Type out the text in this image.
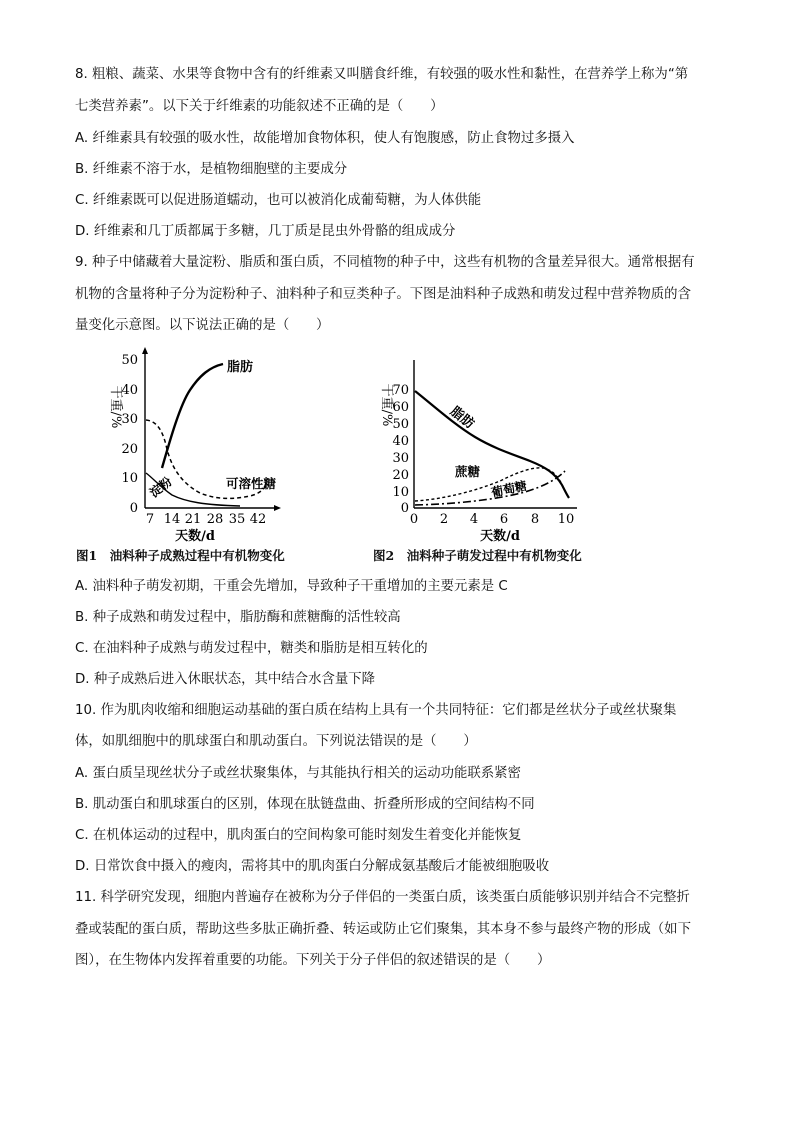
8. 粗粮、蔬菜、水果等食物中含有的纤维素又叫膳食纤维，有较强的吸水性和黏性，在营养学上称为“第
七类营养素”。以下关于纤维素的功能叙述不正确的是（　　）
A. 纤维素具有较强的吸水性，故能增加食物体积，使人有饱腹感，防止食物过多摄入
B. 纤维素不溶于水，是植物细胞壁的主要成分
C. 纤维素既可以促进肠道蠕动，也可以被消化成葡萄糖，为人体供能
D. 纤维素和几丁质都属于多糖，几丁质是昆虫外骨骼的组成成分
9. 种子中储藏着大量淀粉、脂质和蛋白质，不同植物的种子中，这些有机物的含量差异很大。通常根据有
机物的含量将种子分为淀粉种子、油料种子和豆类种子。下图是油料种子成熟和萌发过程中营养物质的含
量变化示意图。以下说法正确的是（　　）
干重/%
0
10
20
30
40
50
7 14 21 28 35 42
天数/d
脂肪
可溶性糖
淀粉
干重/%
0
10
20
30
40
50
60
70
0 2 4 6 8 10
天数/d
脂肪
蔗糖
葡萄糖
图1　油料种子成熟过程中有机物变化	图2　油料种子萌发过程中有机物变化
A. 油料种子萌发初期，干重会先增加，导致种子干重增加的主要元素是 C
B. 种子成熟和萌发过程中，脂肪酶和蔗糖酶的活性较高
C. 在油料种子成熟与萌发过程中，糖类和脂肪是相互转化的
D. 种子成熟后进入休眠状态，其中结合水含量下降
10. 作为肌肉收缩和细胞运动基础的蛋白质在结构上具有一个共同特征：它们都是丝状分子或丝状聚集
体，如肌细胞中的肌球蛋白和肌动蛋白。下列说法错误的是（　　）
A. 蛋白质呈现丝状分子或丝状聚集体，与其能执行相关的运动功能联系紧密
B. 肌动蛋白和肌球蛋白的区别，体现在肽链盘曲、折叠所形成的空间结构不同
C. 在机体运动的过程中，肌肉蛋白的空间构象可能时刻发生着变化并能恢复
D. 日常饮食中摄入的瘦肉，需将其中的肌肉蛋白分解成氨基酸后才能被细胞吸收
11. 科学研究发现，细胞内普遍存在被称为分子伴侣的一类蛋白质，该类蛋白质能够识别并结合不完整折
叠或装配的蛋白质，帮助这些多肽正确折叠、转运或防止它们聚集，其本身不参与最终产物的形成（如下
图），在生物体内发挥着重要的功能。下列关于分子伴侣的叙述错误的是（　　）
